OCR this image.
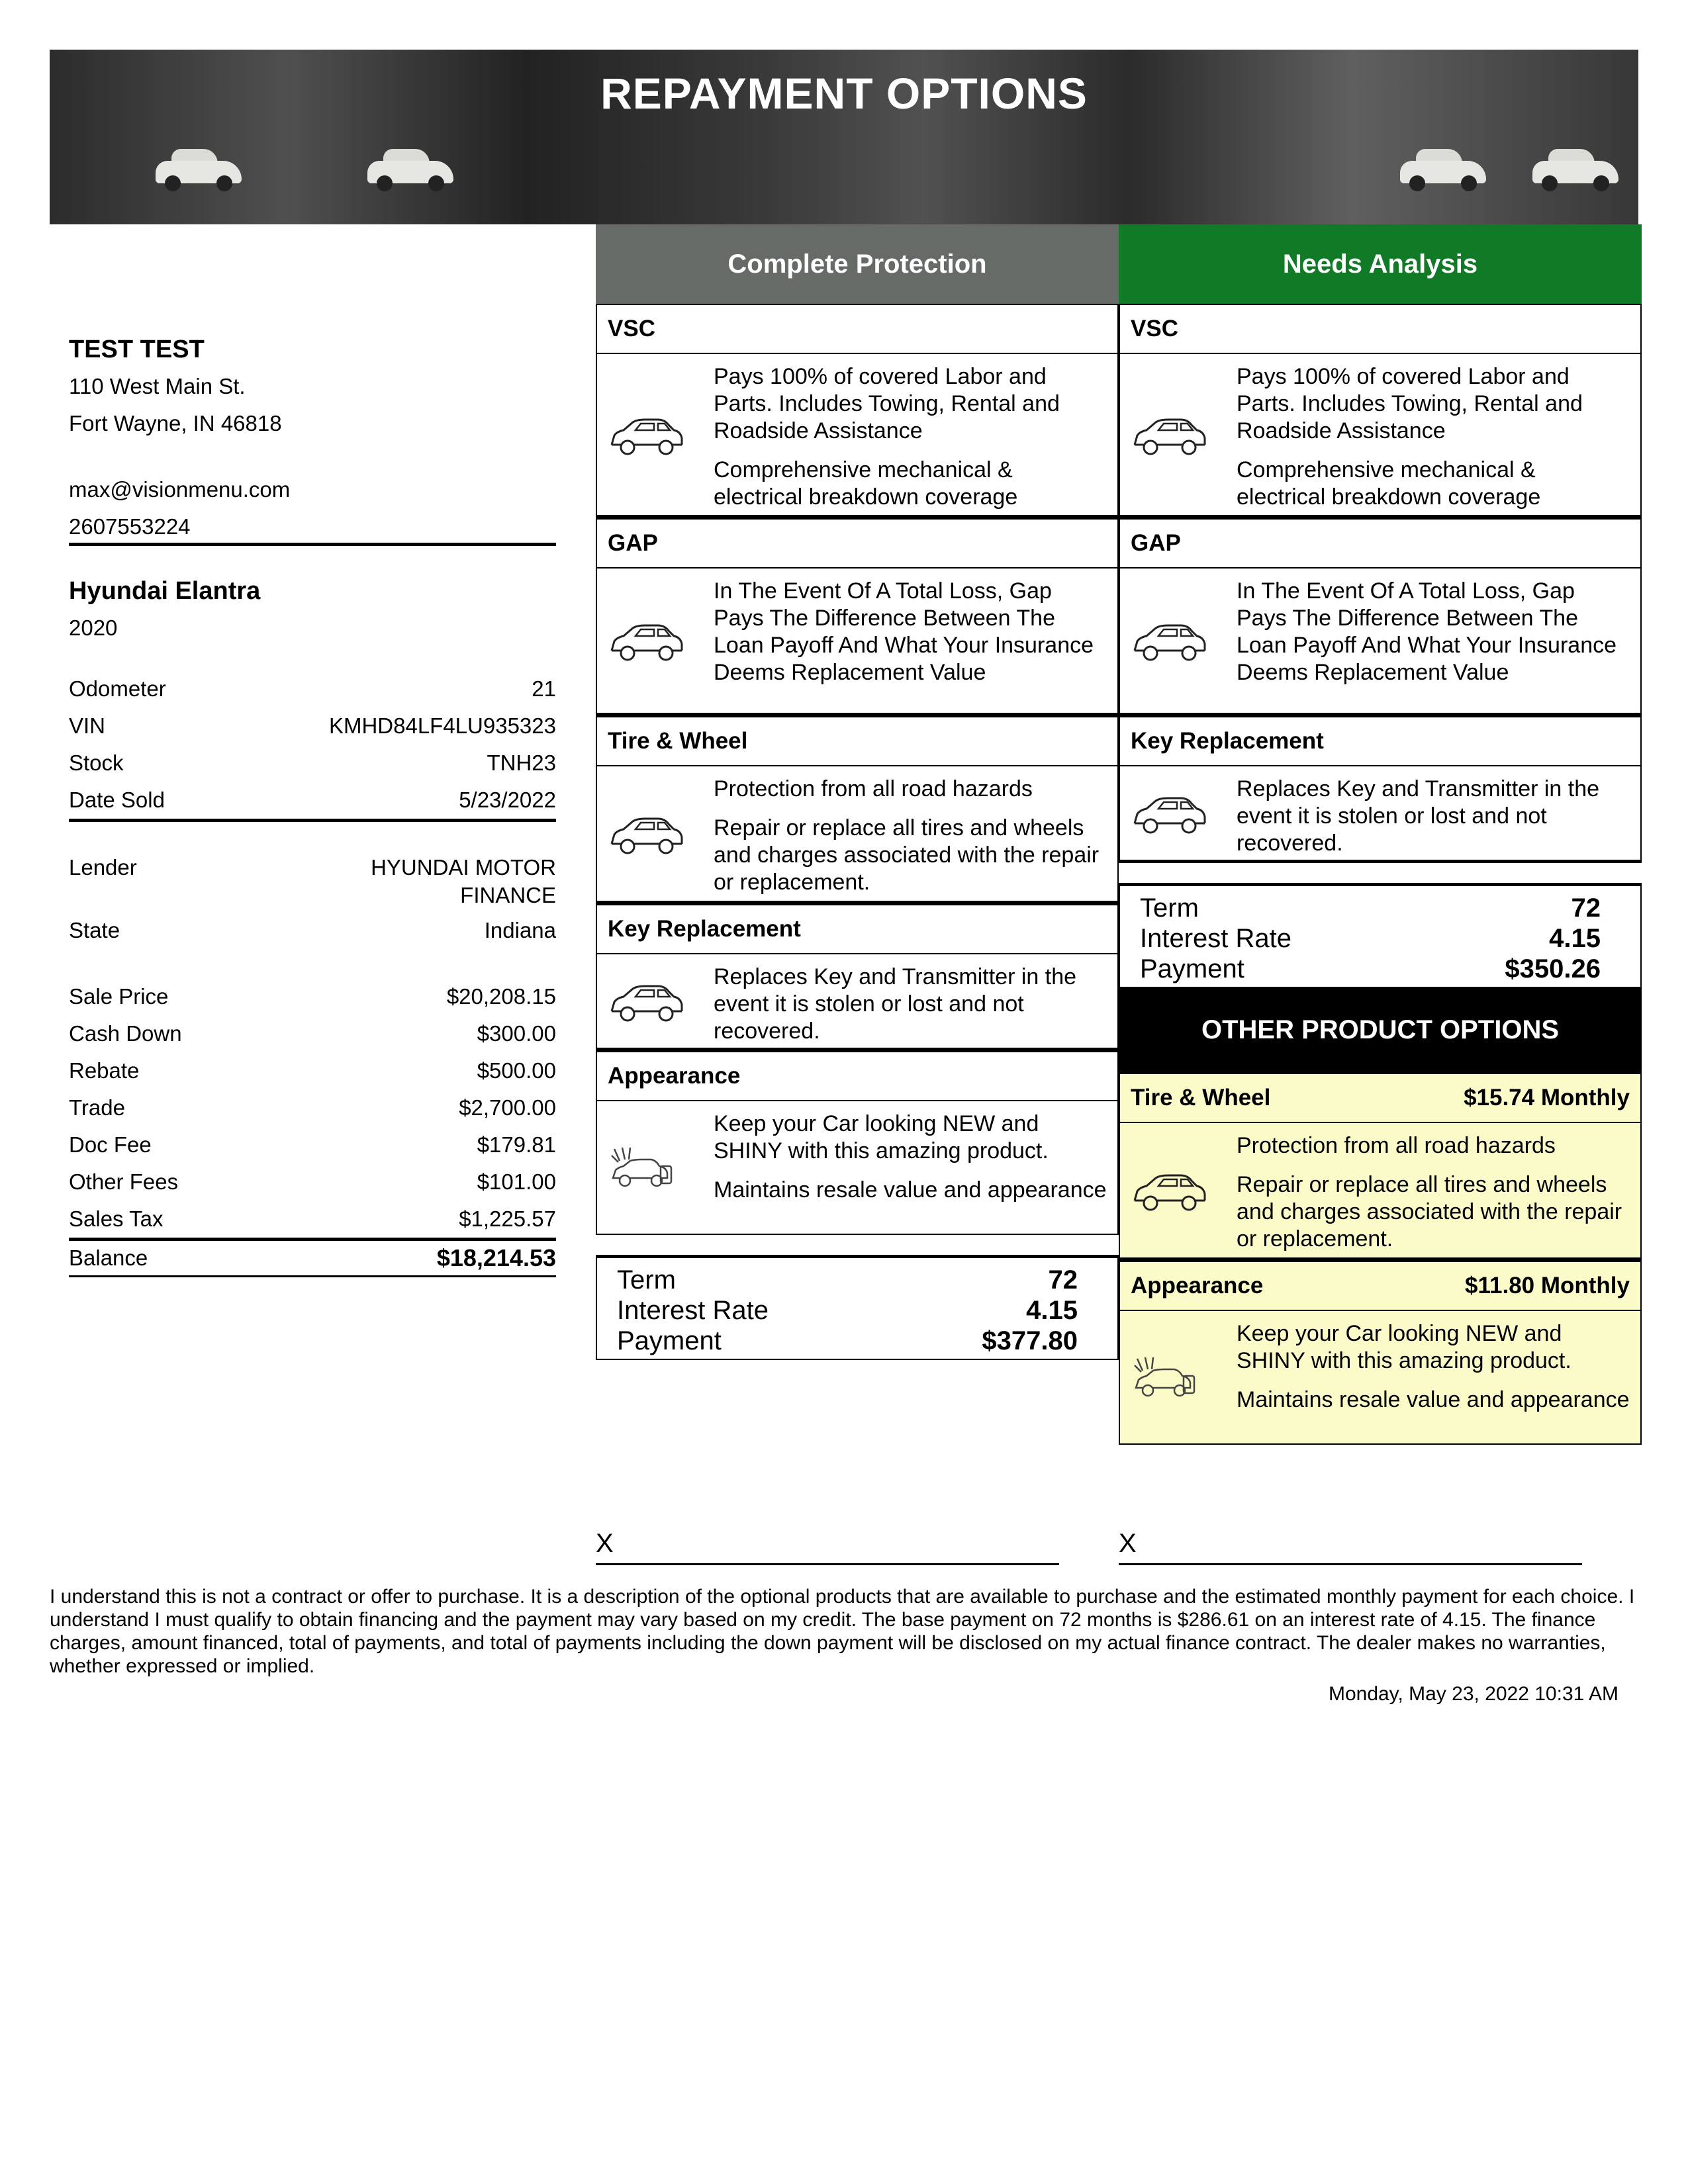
REPAYMENT OPTIONS
TEST TEST
110 West Main St.
Fort Wayne, IN 46818
max@visionmenu.com
2607553224
Hyundai Elantra
2020
Odometer	21
VIN	KMHD84LF4LU935323
Stock	TNH23
Date Sold	5/23/2022
Lender	HYUNDAI MOTOR
FINANCE
State	Indiana
Sale Price	$20,208.15
Cash Down	$300.00
Rebate	$500.00
Trade	$2,700.00
Doc Fee	$179.81
Other Fees	$101.00
Sales Tax	$1,225.57
Balance	$18,214.53
Complete Protection
VSC

Pays 100% of covered Labor and Parts. Includes Towing, Rental and Roadside Assistance

Comprehensive mechanical & electrical breakdown coverage

GAP

In The Event Of A Total Loss, Gap Pays The Difference Between The Loan Payoff And What Your Insurance Deems Replacement Value

Tire & Wheel

Protection from all road hazards

Repair or replace all tires and wheels and charges associated with the repair or replacement.

Key Replacement

Replaces Key and Transmitter in the event it is stolen or lost and not recovered.

Appearance

Keep your Car looking NEW and SHINY with this amazing product.

Maintains resale value and appearance

Term	72
Interest Rate	4.15
Payment	$377.80
Needs Analysis
VSC

Pays 100% of covered Labor and Parts. Includes Towing, Rental and Roadside Assistance

Comprehensive mechanical & electrical breakdown coverage

GAP

In The Event Of A Total Loss, Gap Pays The Difference Between The Loan Payoff And What Your Insurance Deems Replacement Value

Key Replacement

Replaces Key and Transmitter in the event it is stolen or lost and not recovered.

Term	72
Interest Rate	4.15
Payment	$350.26
OTHER PRODUCT OPTIONS
Tire & Wheel	$15.74 Monthly

Protection from all road hazards

Repair or replace all tires and wheels and charges associated with the repair or replacement.

Appearance	$11.80 Monthly

Keep your Car looking NEW and SHINY with this amazing product.

Maintains resale value and appearance

X	X
I understand this is not a contract or offer to purchase. It is a description of the optional products that are available to purchase and the estimated monthly payment for each choice. I understand I must qualify to obtain financing and the payment may vary based on my credit. The base payment on 72 months is $286.61 on an interest rate of 4.15. The finance charges, amount financed, total of payments, and total of payments including the down payment will be disclosed on my actual finance contract. The dealer makes no warranties, whether expressed or implied.
Monday, May 23, 2022 10:31 AM
